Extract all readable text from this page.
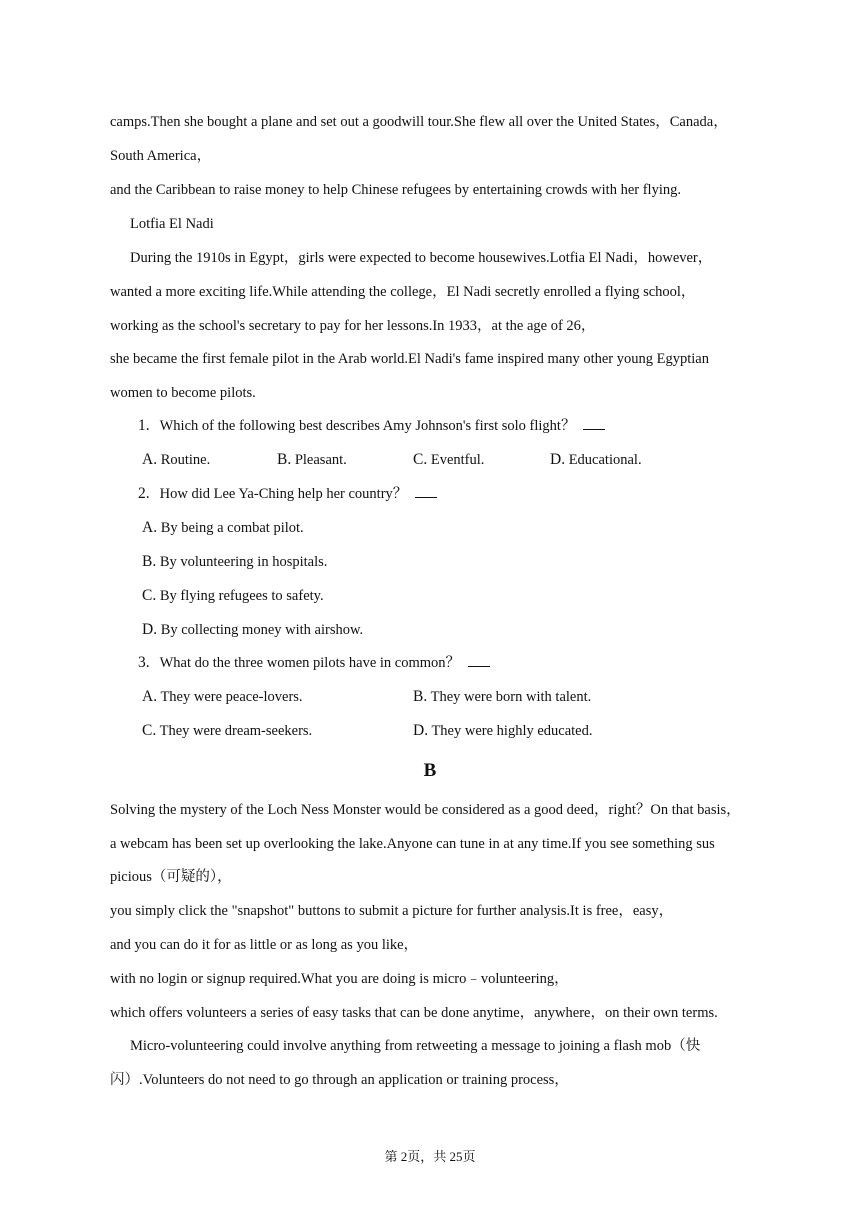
camps.Then she bought a plane and set out a goodwill tour.She flew all over the United States，Canada，
South America，
and the Caribbean to raise money to help Chinese refugees by entertaining crowds with her flying.
Lotfia El Nadi
During the 1910s in Egypt，girls were expected to become housewives.Lotfia El Nadi，however，
wanted a more exciting life.While attending the college，El Nadi secretly enrolled a flying school，
working as the school's secretary to pay for her lessons.In 1933，at the age of 26，
she became the first female pilot in the Arab world.El Nadi's fame inspired many other young Egyptian
women to become pilots.
1. Which of the following best describes Amy Johnson's first solo flight？
A. Routine.	B. Pleasant.	C. Eventful.	D. Educational.
2. How did Lee Ya-Ching help her country？
A. By being a combat pilot.
B. By volunteering in hospitals.
C. By flying refugees to safety.
D. By collecting money with airshow.
3. What do the three women pilots have in common？
A. They were peace-lovers.	B. They were born with talent.
C. They were dream-seekers.	D. They were highly educated.
B
Solving the mystery of the Loch Ness Monster would be considered as a good deed，right？On that basis，
a webcam has been set up overlooking the lake.Anyone can tune in at any time.If you see something sus
picious（可疑的），
you simply click the "snapshot" buttons to submit a picture for further analysis.It is free，easy，
and you can do it for as little or as long as you like，
with no login or signup required.What you are doing is micro﹣volunteering，
which offers volunteers a series of easy tasks that can be done anytime，anywhere，on their own terms.
Micro-volunteering could involve anything from retweeting a message to joining a flash mob（快
闪）.Volunteers do not need to go through an application or training process，
第 2页，共 25页
